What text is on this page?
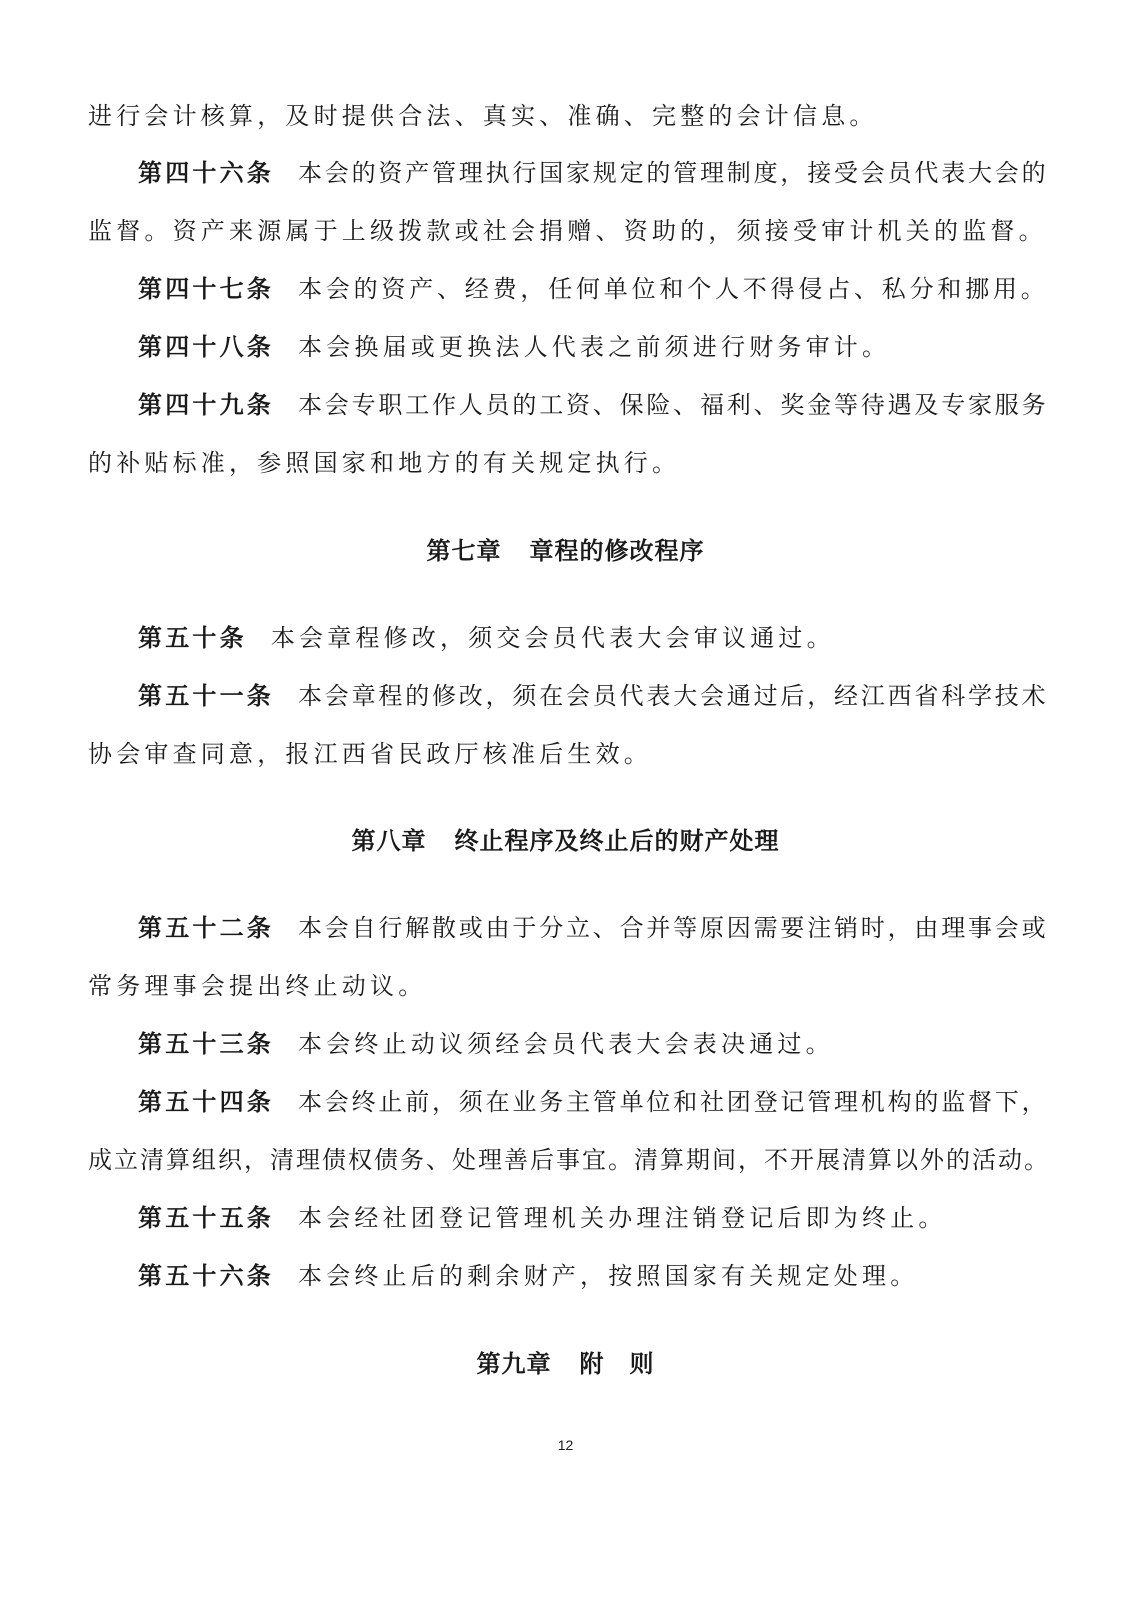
进行会计核算，及时提供合法、真实、准确、完整的会计信息。
第四十六条 本会的资产管理执行国家规定的管理制度，接受会员代表大会的
监督。资产来源属于上级拨款或社会捐赠、资助的，须接受审计机关的监督。
第四十七条 本会的资产、经费，任何单位和个人不得侵占、私分和挪用。
第四十八条 本会换届或更换法人代表之前须进行财务审计。
第四十九条 本会专职工作人员的工资、保险、福利、奖金等待遇及专家服务
的补贴标准，参照国家和地方的有关规定执行。
第七章 章程的修改程序
第五十条 本会章程修改，须交会员代表大会审议通过。
第五十一条 本会章程的修改，须在会员代表大会通过后，经江西省科学技术
协会审查同意，报江西省民政厅核准后生效。
第八章 终止程序及终止后的财产处理
第五十二条 本会自行解散或由于分立、合并等原因需要注销时，由理事会或
常务理事会提出终止动议。
第五十三条 本会终止动议须经会员代表大会表决通过。
第五十四条 本会终止前，须在业务主管单位和社团登记管理机构的监督下，
成立清算组织，清理债权债务、处理善后事宜。清算期间，不开展清算以外的活动。
第五十五条 本会经社团登记管理机关办理注销登记后即为终止。
第五十六条 本会终止后的剩余财产，按照国家有关规定处理。
第九章 附　则
12
